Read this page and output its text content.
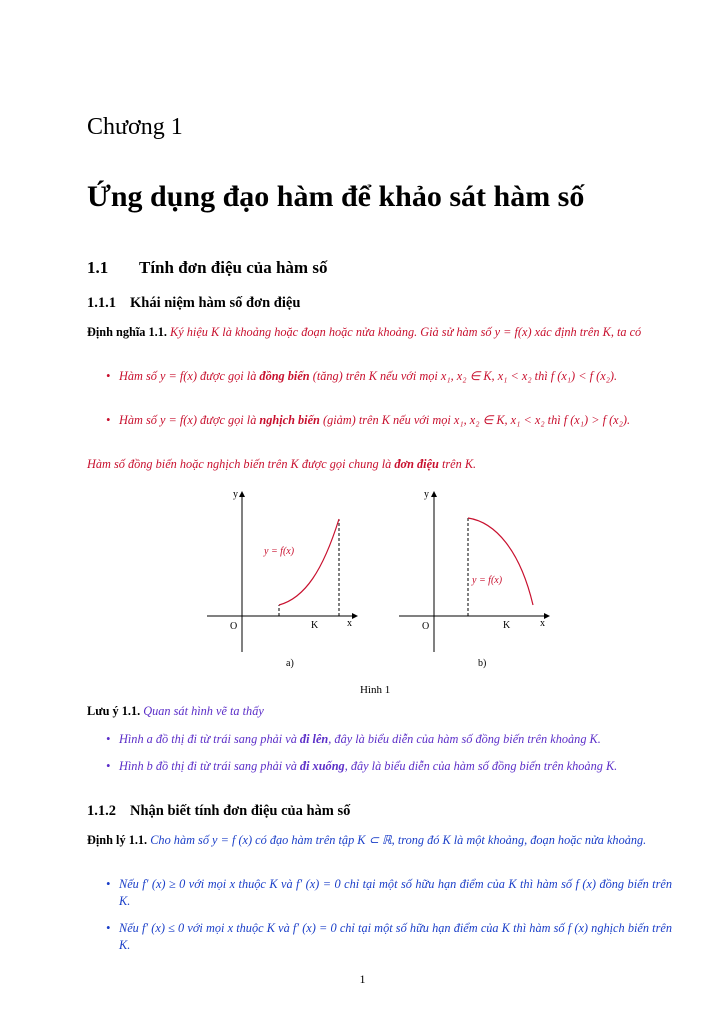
Chương 1
Ứng dụng đạo hàm để khảo sát hàm số
1.1 Tính đơn điệu của hàm số
1.1.1 Khái niệm hàm số đơn điệu
Định nghĩa 1.1. Ký hiệu K là khoảng hoặc đoạn hoặc nửa khoảng. Giả sử hàm số y = f(x) xác định trên K, ta có
• Hàm số y = f(x) được gọi là đồng biến (tăng) trên K nếu với mọi x₁, x₂ ∈ K, x₁ < x₂ thì f (x₁) < f (x₂).
• Hàm số y = f(x) được gọi là nghịch biến (giảm) trên K nếu với mọi x₁, x₂ ∈ K, x₁ < x₂ thì f (x₁) > f (x₂).
Hàm số đồng biến hoặc nghịch biến trên K được gọi chung là đơn điệu trên K.
y
x
O	K
y = f(x)
a)
y
x
O	K
y = f(x)
b)
Hình 1
Lưu ý 1.1. Quan sát hình vẽ ta thấy
• Hình a đồ thị đi từ trái sang phải và đi lên, đây là biểu diễn của hàm số đồng biến trên khoảng K.
• Hình b đồ thị đi từ trái sang phải và đi xuống, đây là biểu diễn của hàm số đồng biến trên khoảng K.
1.1.2 Nhận biết tính đơn điệu của hàm số
Định lý 1.1. Cho hàm số y = f (x) có đạo hàm trên tập K ⊂ ℝ, trong đó K là một khoảng, đoạn hoặc nửa khoảng.
• Nếu f′ (x) ≥ 0 với mọi x thuộc K và f′ (x) = 0 chỉ tại một số hữu hạn điểm của K thì hàm số f (x) đồng biến trên K.
• Nếu f′ (x) ≤ 0 với mọi x thuộc K và f′ (x) = 0 chỉ tại một số hữu hạn điểm của K thì hàm số f (x) nghịch biến trên K.
1
